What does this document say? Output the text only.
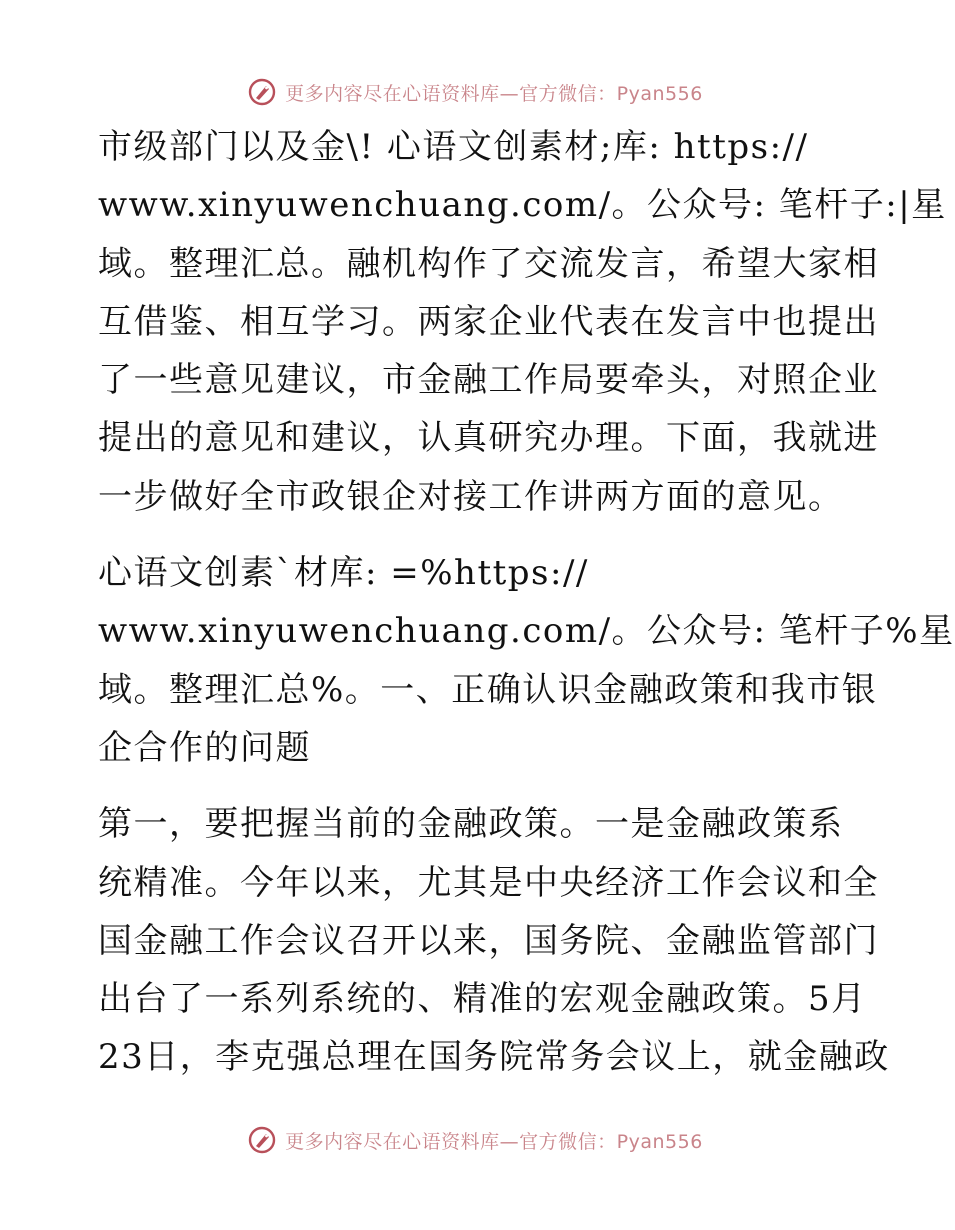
更多内容尽在心语资料库—官方微信：Pyan556
市级部门以及金\! 心语文创素材;库: https://
www.xinyuwenchuang.com/。公众号: 笔杆子:|星
域。整理汇总。融机构作了交流发言，希望大家相
互借鉴、相互学习。两家企业代表在发言中也提出
了一些意见建议，市金融工作局要牵头，对照企业
提出的意见和建议，认真研究办理。下面，我就进
一步做好全市政银企对接工作讲两方面的意见。
心语文创素`材库: =%https://
www.xinyuwenchuang.com/。公众号: 笔杆子%星
域。整理汇总%。一、正确认识金融政策和我市银
企合作的问题
第一，要把握当前的金融政策。一是金融政策系
统精准。今年以来，尤其是中央经济工作会议和全
国金融工作会议召开以来，国务院、金融监管部门
出台了一系列系统的、精准的宏观金融政策。5月
23日，李克强总理在国务院常务会议上，就金融政
更多内容尽在心语资料库—官方微信：Pyan556
